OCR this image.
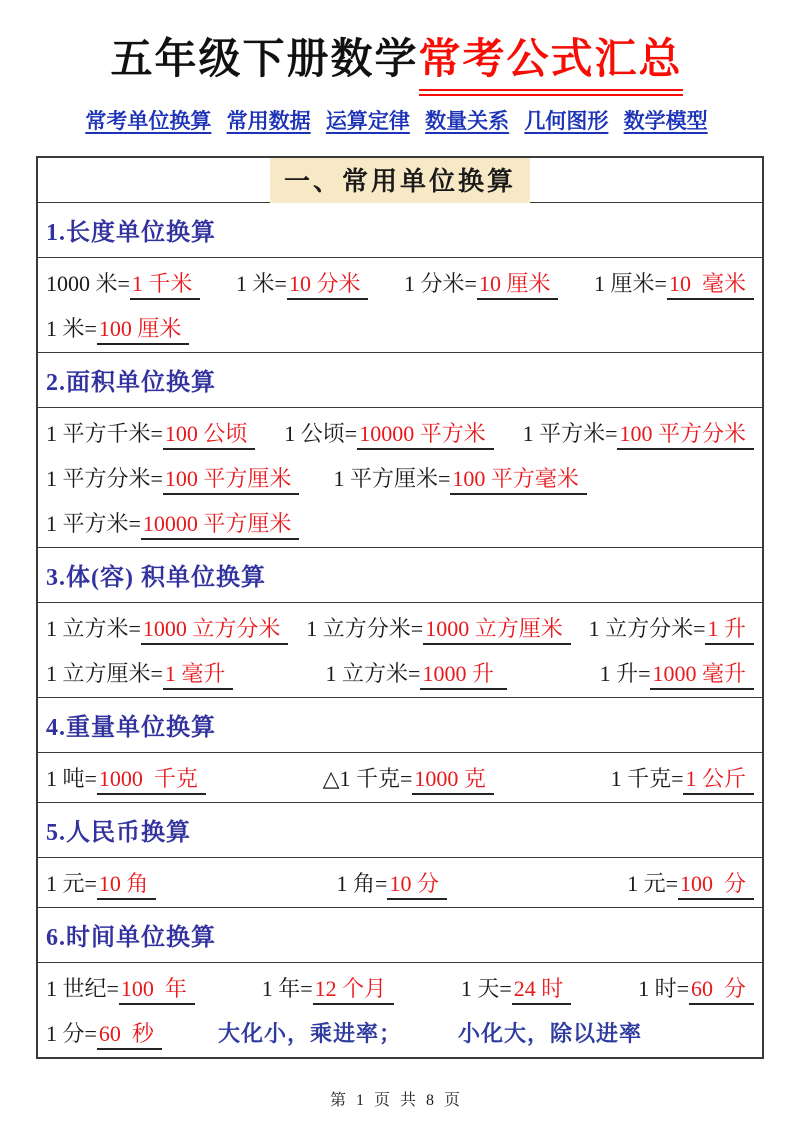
五年级下册数学常考公式汇总
常考单位换算 常用数据 运算定律 数量关系 几何图形 数学模型
一、常用单位换算
1.长度单位换算
1000 米=1 千米	1 米=10 分米	1 分米=10 厘米	1 厘米=10  毫米
1 米=100 厘米
2.面积单位换算
1 平方千米=100 公顷	1 公顷=10000 平方米	1 平方米=100 平方分米
1 平方分米=100 平方厘米	1 平方厘米=100 平方毫米
1 平方米=10000 平方厘米
3.体(容) 积单位换算
1 立方米=1000 立方分米	1 立方分米=1000 立方厘米	1 立方分米=1 升
1 立方厘米=1 毫升	1 立方米=1000 升	1 升=1000 毫升
4.重量单位换算
1 吨=1000  千克	△1 千克=1000 克	1 千克=1 公斤
5.人民币换算
1 元=10 角	1 角=10 分	1 元=100  分
6.时间单位换算
1 世纪=100  年	1 年=12 个月	1 天=24 时	1 时=60  分
1 分=60  秒	大化小，乘进率；	小化大，除以进率
第 1 页 共 8 页
